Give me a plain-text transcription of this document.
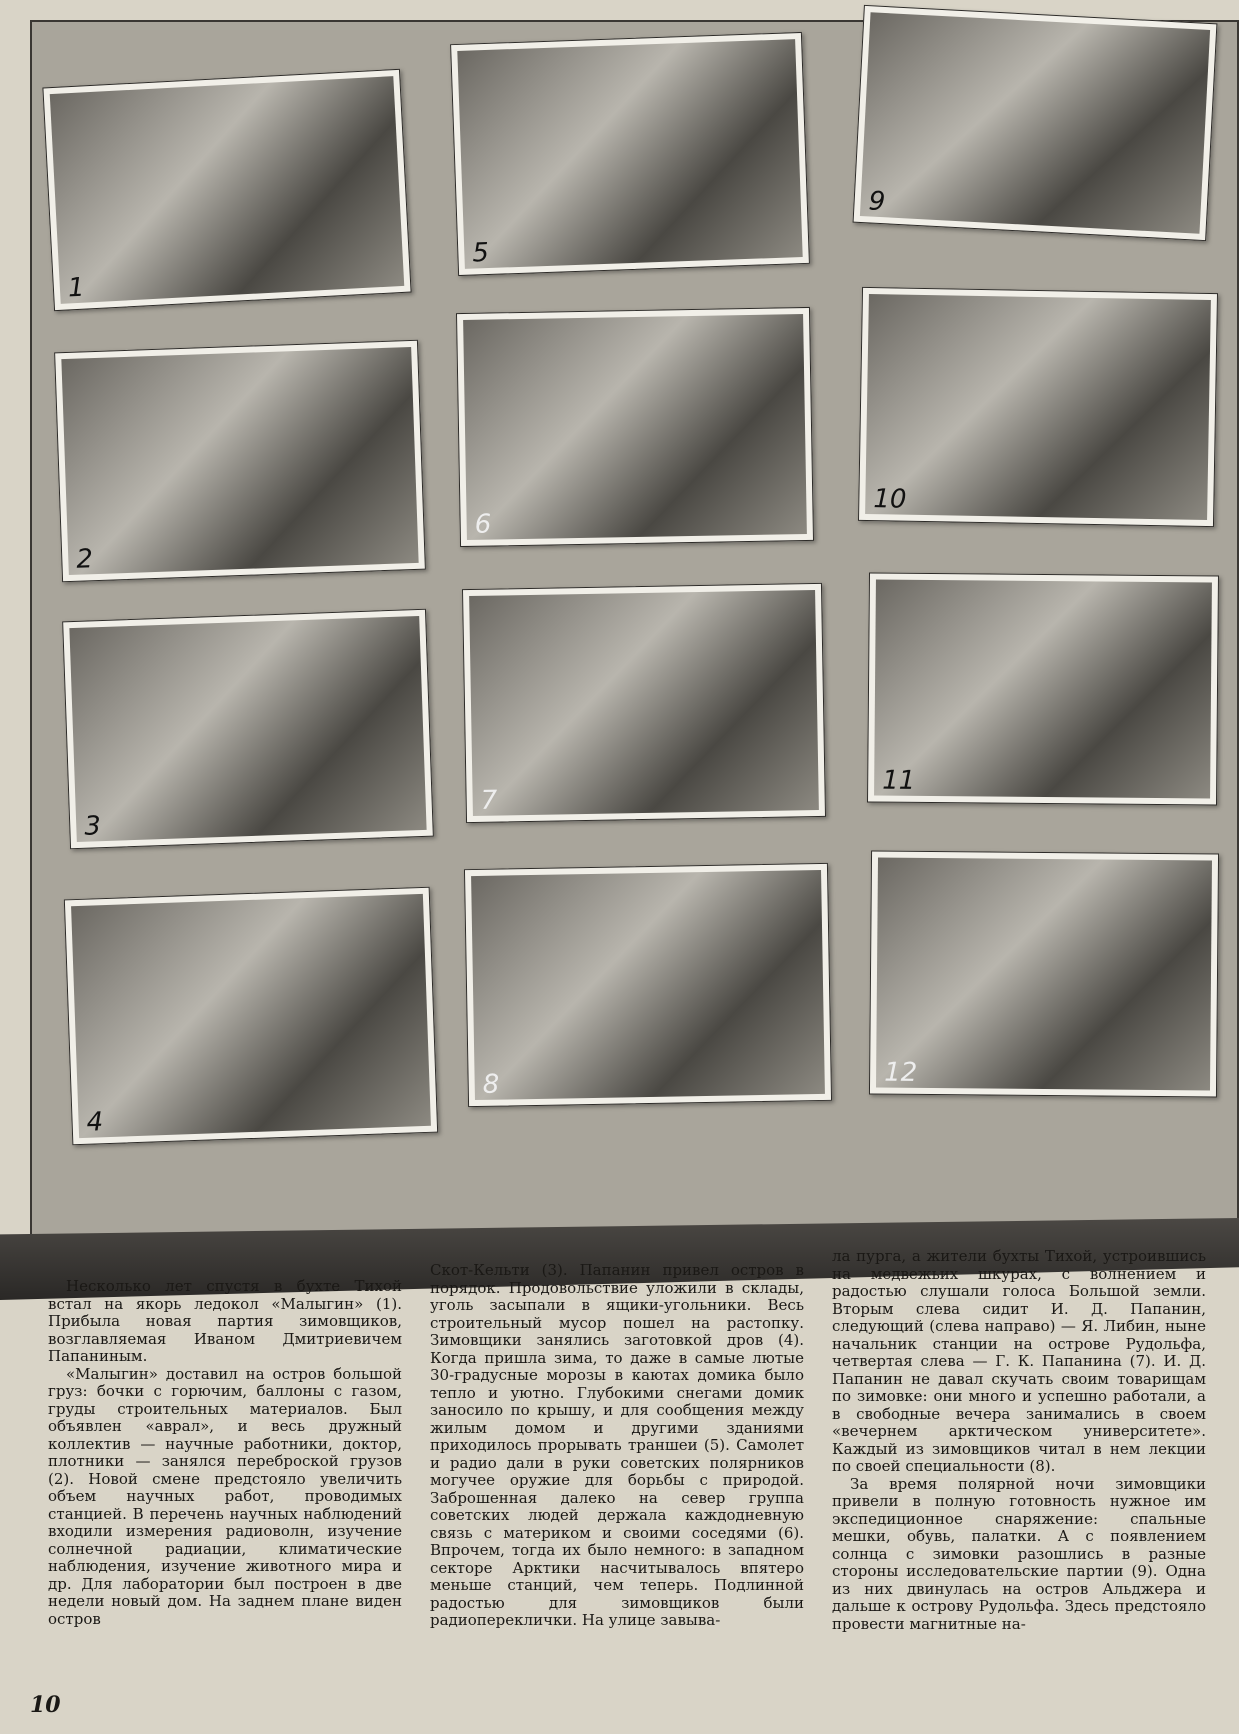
1
2
3
4
5
6
7
8
9
10
11
12

Несколько лет спустя в бухте Тихой встал на якорь ледокол «Малыгин» (1). Прибыла новая партия зимовщиков, возглавляемая Иваном Дмитриевичем Папаниным.

«Малыгин» доставил на остров большой груз: бочки с горючим, баллоны с газом, груды строительных материалов. Был объявлен «аврал», и весь дружный коллектив — научные работники, доктор, плотники — занялся переброской грузов (2). Новой смене предстояло увеличить объем научных работ, проводимых станцией. В перечень научных наблюдений входили измерения радиоволн, изучение солнечной радиации, климатические наблюдения, изучение животного мира и др. Для лаборатории был построен в две недели новый дом. На заднем плане виден остров

Скот-Кельти (3). Папанин привел остров в порядок. Продовольствие уложили в склады, уголь засыпали в ящики-угольники. Весь строительный мусор пошел на растопку. Зимовщики занялись заготовкой дров (4). Когда пришла зима, то даже в самые лютые 30-градусные морозы в каютах домика было тепло и уютно. Глубокими снегами домик заносило по крышу, и для сообщения между жилым домом и другими зданиями приходилось прорывать траншеи (5). Самолет и радио дали в руки советских полярников могучее оружие для борьбы с природой. Заброшенная далеко на север группа советских людей держала каждодневную связь с материком и своими соседями (6). Впрочем, тогда их было немного: в западном секторе Арктики насчитывалось впятеро меньше станций, чем теперь. Подлинной радостью для зимовщиков были радиопереклички. На улице завыва-

ла пурга, а жители бухты Тихой, устроившись на медвежьих шкурах, с волнением и радостью слушали голоса Большой земли. Вторым слева сидит И. Д. Папанин, следующий (слева направо) — Я. Либин, ныне начальник станции на острове Рудольфа, четвертая слева — Г. К. Папанина (7). И. Д. Папанин не давал скучать своим товарищам по зимовке: они много и успешно работали, а в свободные вечера занимались в своем «вечернем арктическом университете». Каждый из зимовщиков читал в нем лекции по своей специальности (8).

За время полярной ночи зимовщики привели в полную готовность нужное им экспедиционное снаряжение: спальные мешки, обувь, палатки. А с появлением солнца с зимовки разошлись в разные стороны исследовательские партии (9). Одна из них двинулась на остров Альджера и дальше к острову Рудольфа. Здесь предстояло провести магнитные на-

10
